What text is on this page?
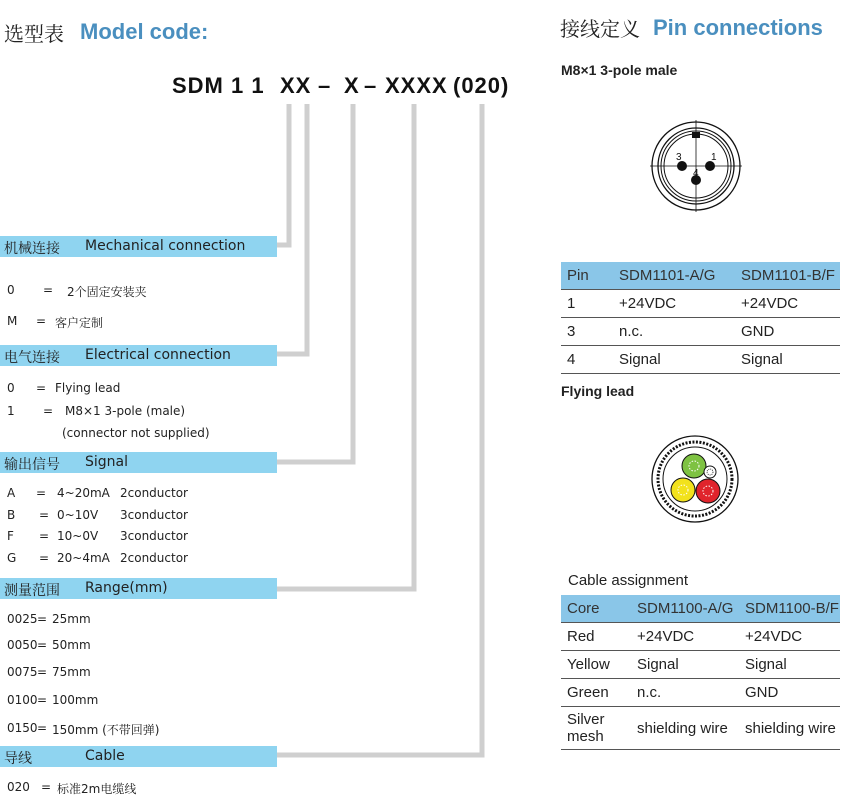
选型表 Model code:
SDM 1 1 XX – X – XXXX (020)
机械连接 Mechanical connection
0 = 2个固定安装夹
M = 客户定制
电气连接 Electrical connection
0 = Flying lead
1 = M8×1 3-pole (male)
(connector not supplied)
输出信号 Signal
A = 4~20mA 2conductor
B = 0~10V 3conductor
F = 10~0V 3conductor
G = 20~4mA 2conductor
测量范围 Range(mm)
0025 = 25mm
0050 = 50mm
0075 = 75mm
0100 = 100mm
0150 = 150mm (不带回弹)
导线	Cable
020 = 标准2m电缆线
接线定义 Pin connections
M8×1 3-pole male
3	1
4
Pin	SDM1101-A/G	SDM1101-B/F
1	+24VDC	+24VDC
3	n.c.	GND
4	Signal	Signal
Flying lead
Cable assignment
Core	SDM1100-A/G	SDM1100-B/F
Red	+24VDC	+24VDC
Yellow	Signal	Signal
Green	n.c.	GND
Silver mesh	shielding wire	shielding wire
